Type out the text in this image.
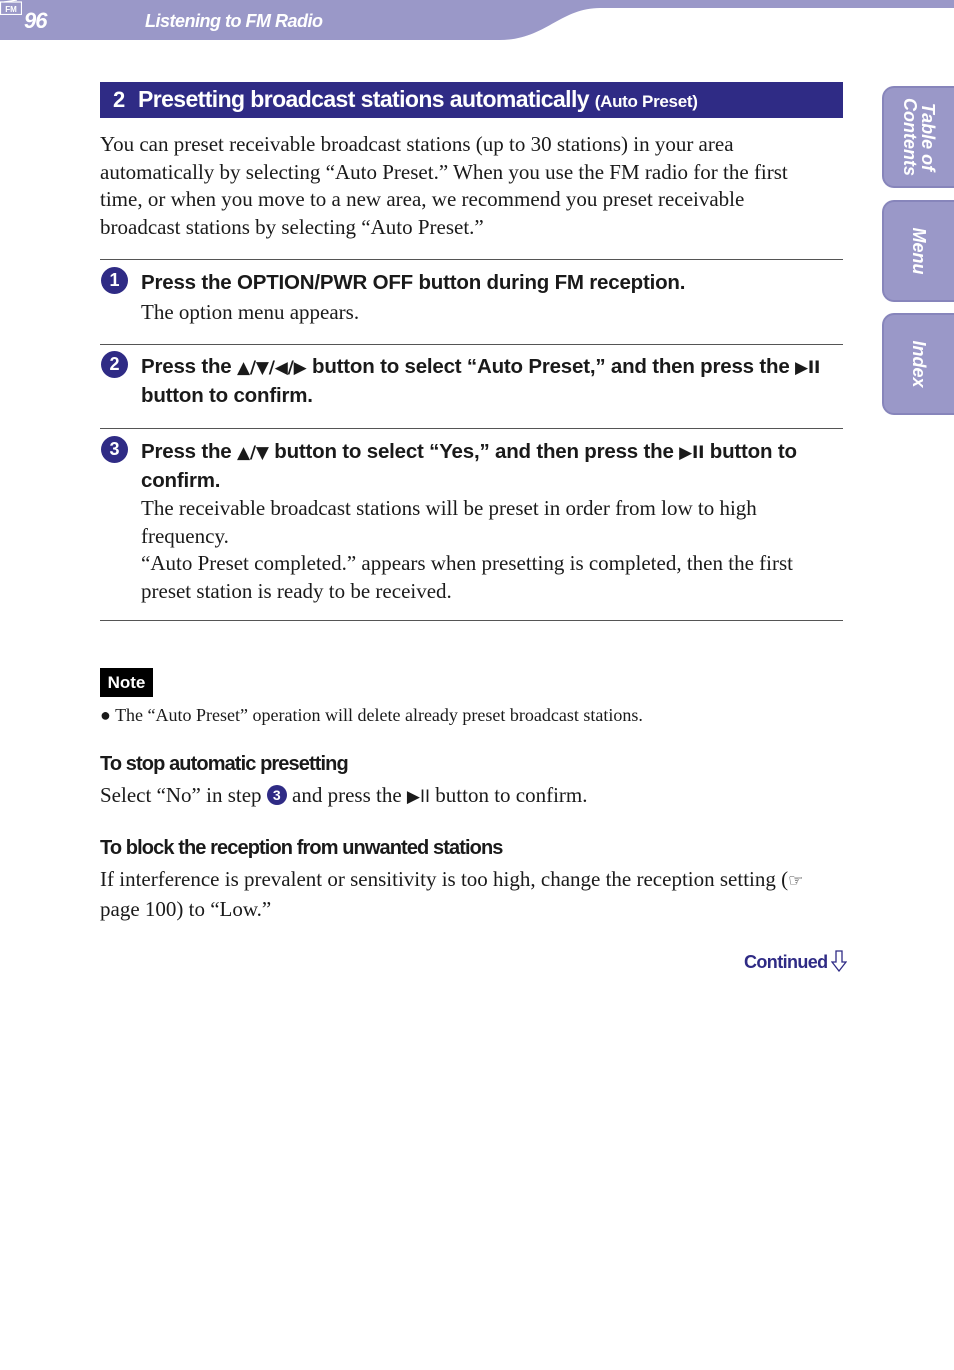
96
FM
Listening to FM Radio
Table of
Contents
Menu
Index
2 Presetting broadcast stations automatically (Auto Preset)
You can preset receivable broadcast stations (up to 30 stations) in your area automatically by selecting “Auto Preset.” When you use the FM radio for the first time, or when you move to a new area, we recommend you preset receivable broadcast stations by selecting “Auto Preset.”
1	Press the OPTION/PWR OFF button during FM reception.
The option menu appears.
2	Press the ▲/▼/◀/▶ button to select “Auto Preset,” and then press the ▶II button to confirm.
3	Press the ▲/▼ button to select “Yes,” and then press the ▶II button to confirm.
The receivable broadcast stations will be preset in order from low to high frequency.
“Auto Preset completed.” appears when presetting is completed, then the first preset station is ready to be received.
Note
● The “Auto Preset” operation will delete already preset broadcast stations.
To stop automatic presetting
Select “No” in step 3 and press the ▶II button to confirm.
To block the reception from unwanted stations
If interference is prevalent or sensitivity is too high, change the reception setting (☞ page 100) to “Low.”
Continued
